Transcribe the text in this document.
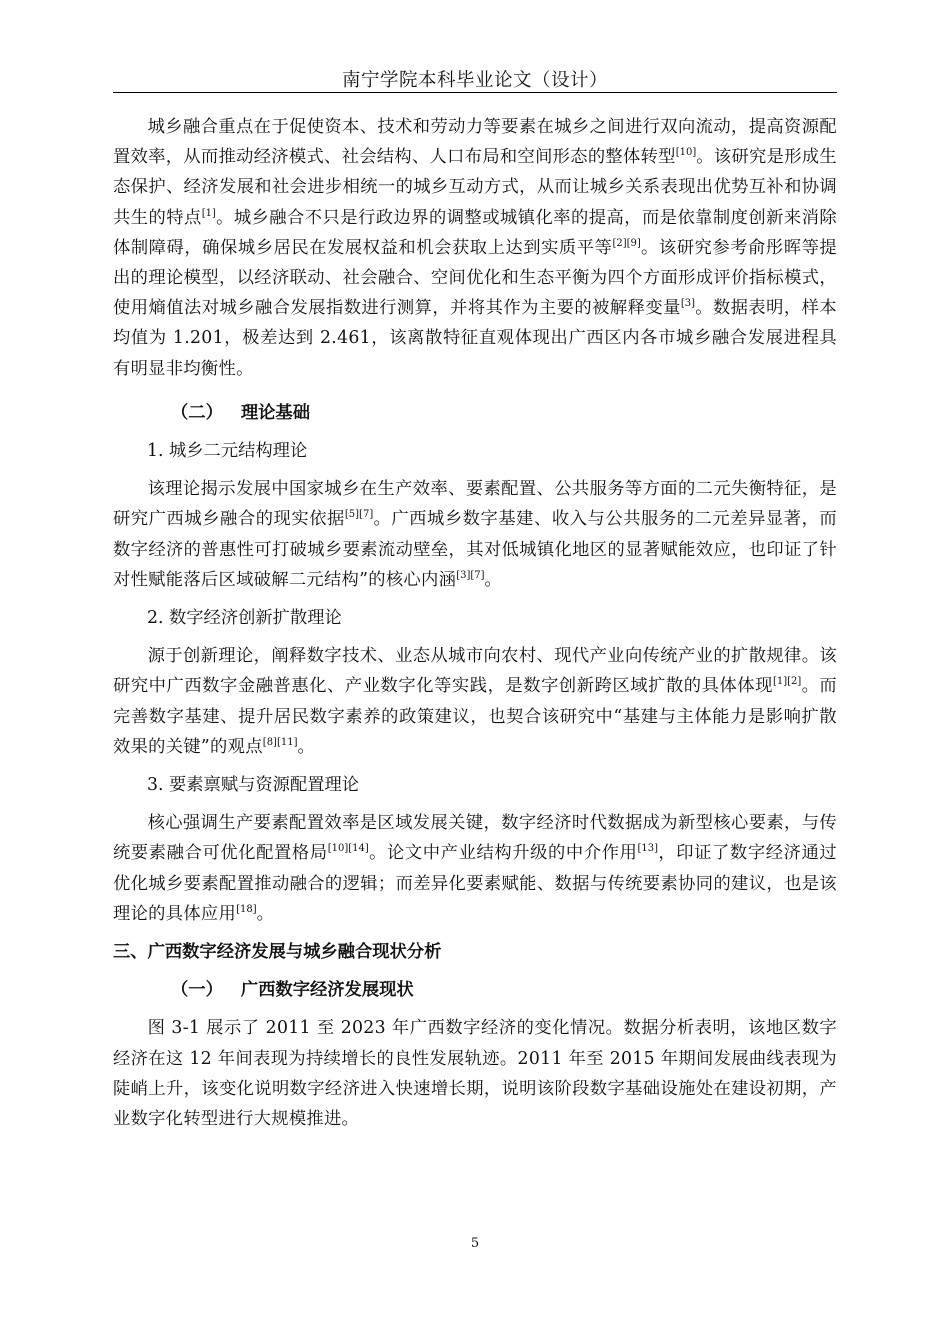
南宁学院本科毕业论文（设计）

城乡融合重点在于促使资本、技术和劳动力等要素在城乡之间进行双向流动，提高资源配置效率，从而推动经济模式、社会结构、人口布局和空间形态的整体转型[10]。该研究是形成生态保护、经济发展和社会进步相统一的城乡互动方式，从而让城乡关系表现出优势互补和协调共生的特点[1]。城乡融合不只是行政边界的调整或城镇化率的提高，而是依靠制度创新来消除体制障碍，确保城乡居民在发展权益和机会获取上达到实质平等[2][9]。该研究参考俞彤晖等提出的理论模型，以经济联动、社会融合、空间优化和生态平衡为四个方面形成评价指标模式，使用熵值法对城乡融合发展指数进行测算，并将其作为主要的被解释变量[3]。数据表明，样本均值为 1.201，极差达到 2.461，该离散特征直观体现出广西区内各市城乡融合发展进程具有明显非均衡性。

（二） 理论基础
1. 城乡二元结构理论

该理论揭示发展中国家城乡在生产效率、要素配置、公共服务等方面的二元失衡特征，是研究广西城乡融合的现实依据[5][7]。广西城乡数字基建、收入与公共服务的二元差异显著，而数字经济的普惠性可打破城乡要素流动壁垒，其对低城镇化地区的显著赋能效应，也印证了针对性赋能落后区域破解二元结构”的核心内涵[3][7]。

2. 数字经济创新扩散理论

源于创新理论，阐释数字技术、业态从城市向农村、现代产业向传统产业的扩散规律。该研究中广西数字金融普惠化、产业数字化等实践，是数字创新跨区域扩散的具体体现[1][2]。而完善数字基建、提升居民数字素养的政策建议，也契合该研究中“基建与主体能力是影响扩散效果的关键”的观点[8][11]。

3. 要素禀赋与资源配置理论

核心强调生产要素配置效率是区域发展关键，数字经济时代数据成为新型核心要素，与传统要素融合可优化配置格局[10][14]。论文中产业结构升级的中介作用[13]，印证了数字经济通过优化城乡要素配置推动融合的逻辑；而差异化要素赋能、数据与传统要素协同的建议，也是该理论的具体应用[18]。

三、广西数字经济发展与城乡融合现状分析
（一） 广西数字经济发展现状

图 3-1 展示了 2011 至 2023 年广西数字经济的变化情况。数据分析表明，该地区数字经济在这 12 年间表现为持续增长的良性发展轨迹。2011 年至 2015 年期间发展曲线表现为陡峭上升，该变化说明数字经济进入快速增长期，说明该阶段数字基础设施处在建设初期，产业数字化转型进行大规模推进。

5
